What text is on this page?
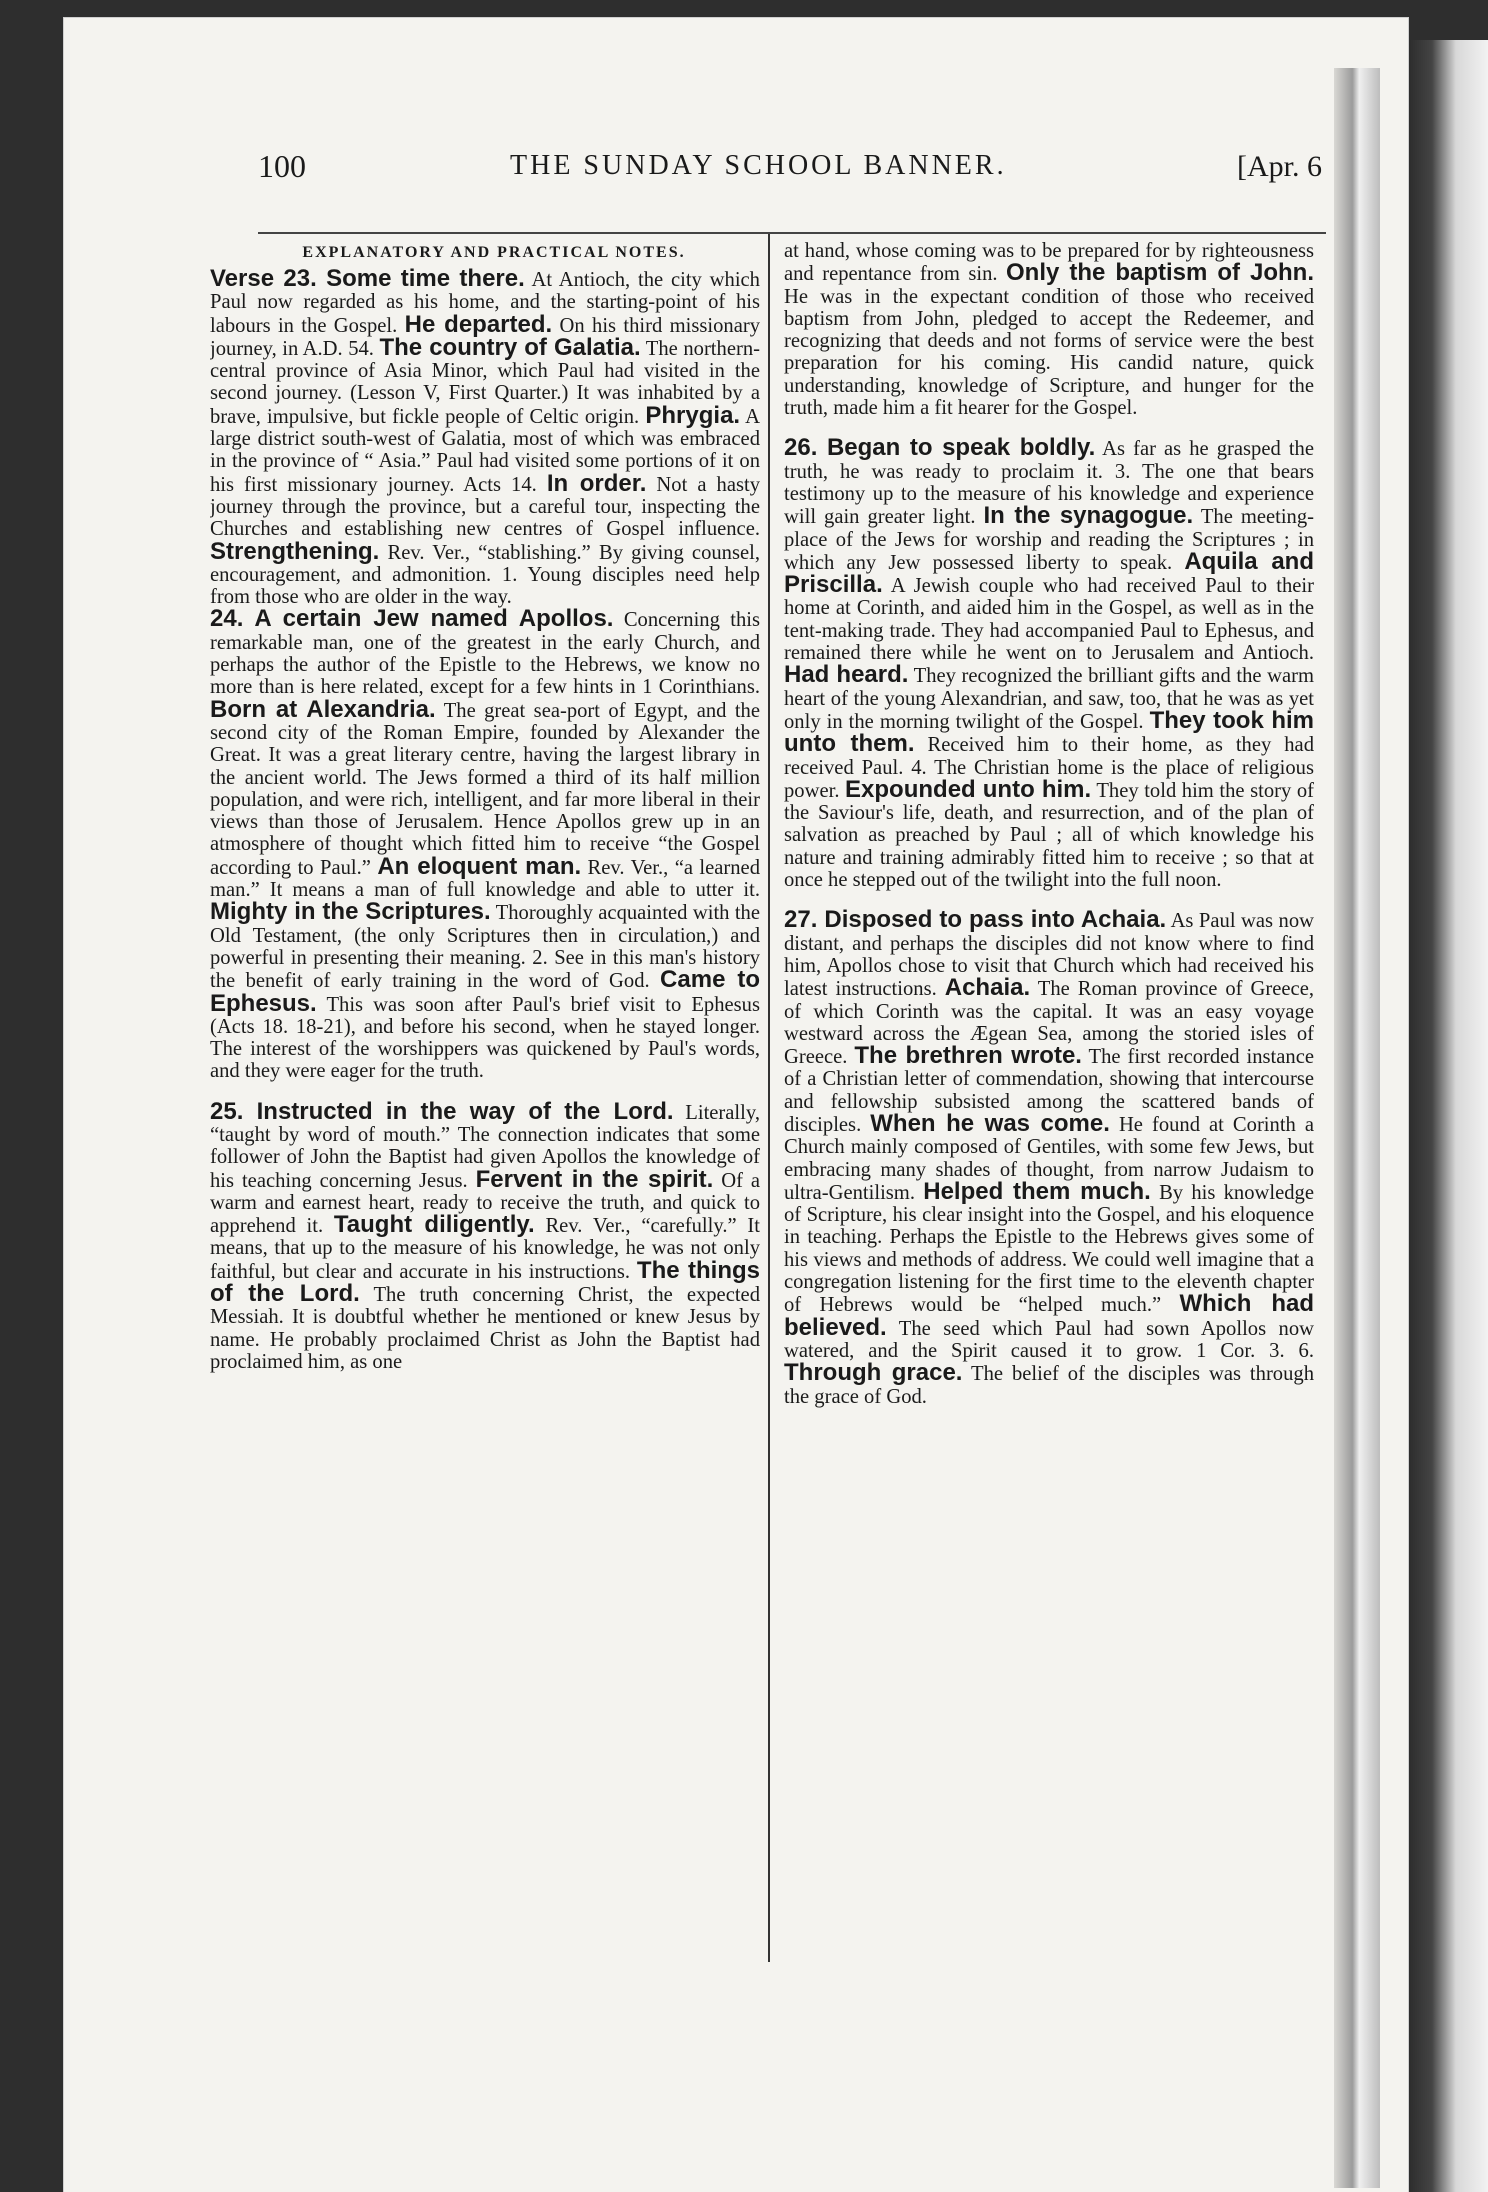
100	THE SUNDAY SCHOOL BANNER.	[Apr. 6
EXPLANATORY AND PRACTICAL NOTES.

Verse 23. Some time there. At Antioch, the city which Paul now regarded as his home, and the starting-point of his labours in the Gospel. He departed. On his third missionary journey, in A.D. 54. The country of Galatia. The northern-central province of Asia Minor, which Paul had visited in the second journey. (Lesson V, First Quarter.) It was inhabited by a brave, impulsive, but fickle people of Celtic origin. Phrygia. A large district south-west of Galatia, most of which was embraced in the province of “ Asia.” Paul had visited some portions of it on his first missionary journey. Acts 14. In order. Not a hasty journey through the province, but a careful tour, inspecting the Churches and establishing new centres of Gospel influence. Strengthening. Rev. Ver., “stablishing.” By giving counsel, encouragement, and admonition. 1. Young disciples need help from those who are older in the way.

24. A certain Jew named Apollos. Concerning this remarkable man, one of the greatest in the early Church, and perhaps the author of the Epistle to the Hebrews, we know no more than is here related, except for a few hints in 1 Corinthians. Born at Alexandria. The great sea-port of Egypt, and the second city of the Roman Empire, founded by Alexander the Great. It was a great literary centre, having the largest library in the ancient world. The Jews formed a third of its half million population, and were rich, intelligent, and far more liberal in their views than those of Jerusalem. Hence Apollos grew up in an atmosphere of thought which fitted him to receive “the Gospel according to Paul.” An eloquent man. Rev. Ver., “a learned man.” It means a man of full knowledge and able to utter it. Mighty in the Scriptures. Thoroughly acquainted with the Old Testament, (the only Scriptures then in circulation,) and powerful in presenting their meaning. 2. See in this man's history the benefit of early training in the word of God. Came to Ephesus. This was soon after Paul's brief visit to Ephesus (Acts 18. 18-21), and before his second, when he stayed longer. The interest of the worshippers was quickened by Paul's words, and they were eager for the truth.

25. Instructed in the way of the Lord. Literally, “taught by word of mouth.” The connection indicates that some follower of John the Baptist had given Apollos the knowledge of his teaching concerning Jesus. Fervent in the spirit. Of a warm and earnest heart, ready to receive the truth, and quick to apprehend it. Taught diligently. Rev. Ver., “carefully.” It means, that up to the measure of his knowledge, he was not only faithful, but clear and accurate in his instructions. The things of the Lord. The truth concerning Christ, the expected Messiah. It is doubtful whether he mentioned or knew Jesus by name. He probably proclaimed Christ as John the Baptist had proclaimed him, as one

at hand, whose coming was to be prepared for by righteousness and repentance from sin. Only the baptism of John. He was in the expectant condition of those who received baptism from John, pledged to accept the Redeemer, and recognizing that deeds and not forms of service were the best preparation for his coming. His candid nature, quick understanding, knowledge of Scripture, and hunger for the truth, made him a fit hearer for the Gospel.

26. Began to speak boldly. As far as he grasped the truth, he was ready to proclaim it. 3. The one that bears testimony up to the measure of his knowledge and experience will gain greater light. In the synagogue. The meeting-place of the Jews for worship and reading the Scriptures ; in which any Jew possessed liberty to speak. Aquila and Priscilla. A Jewish couple who had received Paul to their home at Corinth, and aided him in the Gospel, as well as in the tent-making trade. They had accompanied Paul to Ephesus, and remained there while he went on to Jerusalem and Antioch. Had heard. They recognized the brilliant gifts and the warm heart of the young Alexandrian, and saw, too, that he was as yet only in the morning twilight of the Gospel. They took him unto them. Received him to their home, as they had received Paul. 4. The Christian home is the place of religious power. Expounded unto him. They told him the story of the Saviour's life, death, and resurrection, and of the plan of salvation as preached by Paul ; all of which knowledge his nature and training admirably fitted him to receive ; so that at once he stepped out of the twilight into the full noon.

27. Disposed to pass into Achaia. As Paul was now distant, and perhaps the disciples did not know where to find him, Apollos chose to visit that Church which had received his latest instructions. Achaia. The Roman province of Greece, of which Corinth was the capital. It was an easy voyage westward across the Ægean Sea, among the storied isles of Greece. The brethren wrote. The first recorded instance of a Christian letter of commendation, showing that intercourse and fellowship subsisted among the scattered bands of disciples. When he was come. He found at Corinth a Church mainly composed of Gentiles, with some few Jews, but embracing many shades of thought, from narrow Judaism to ultra-Gentilism. Helped them much. By his knowledge of Scripture, his clear insight into the Gospel, and his eloquence in teaching. Perhaps the Epistle to the Hebrews gives some of his views and methods of address. We could well imagine that a congregation listening for the first time to the eleventh chapter of Hebrews would be “helped much.” Which had believed. The seed which Paul had sown Apollos now watered, and the Spirit caused it to grow. 1 Cor. 3. 6. Through grace. The belief of the disciples was through the grace of God.
